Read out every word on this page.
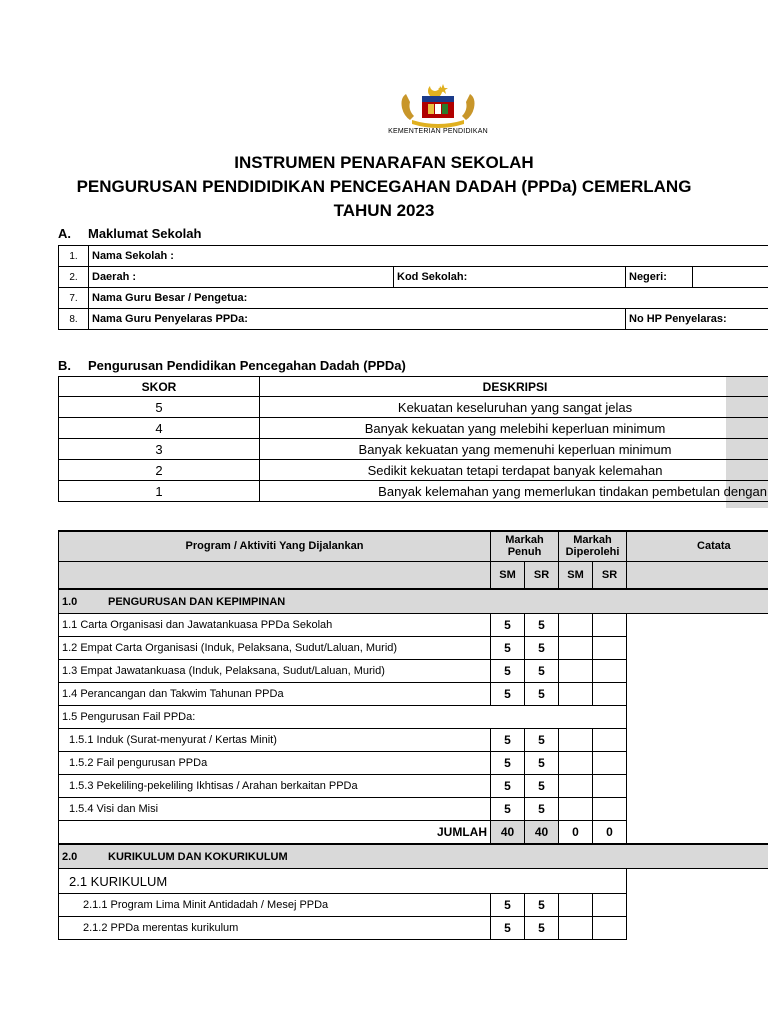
KEMENTERIAN PENDIDIKAN
INSTRUMEN PENARAFAN SEKOLAH
PENGURUSAN PENDIDIDIKAN PENCEGAHAN DADAH (PPDa) CEMERLANG
TAHUN 2023
A. Maklumat Sekolah
1.	Nama Sekolah :			
2.	Daerah :	Kod Sekolah:	Negeri:	
7.	Nama Guru Besar / Pengetua:			
8.	Nama Guru Penyelaras PPDa:		No HP Penyelaras:	
B. Pengurusan Pendidikan Pencegahan Dadah (PPDa)
SKOR	DESKRIPSI
5	Kekuatan keseluruhan yang sangat jelas
4	Banyak kekuatan yang melebihi keperluan minimum
3	Banyak kekuatan yang memenuhi keperluan minimum
2	Sedikit kekuatan tetapi terdapat banyak kelemahan
1	Banyak kelemahan yang memerlukan tindakan pembetulan dengan
Program / Aktiviti Yang Dijalankan	Markah Penuh		Markah Diperolehi		Catata
	SM	SR	SM	SR	
1.0 PENGURUSAN DAN KEPIMPINAN					
1.1 Carta Organisasi dan Jawatankuasa PPDa Sekolah	5	5			
1.2 Empat Carta Organisasi (Induk, Pelaksana, Sudut/Laluan, Murid)	5	5			
1.3 Empat Jawatankuasa (Induk, Pelaksana, Sudut/Laluan, Murid)	5	5			
1.4 Perancangan dan Takwim Tahunan PPDa	5	5			
1.5 Pengurusan Fail PPDa:					
1.5.1 Induk (Surat-menyurat / Kertas Minit)	5	5			
1.5.2 Fail pengurusan PPDa	5	5			
1.5.3 Pekeliling-pekeliling Ikhtisas / Arahan berkaitan PPDa	5	5			
1.5.4 Visi dan Misi	5	5			
JUMLAH	40	40	0	0	
2.0 KURIKULUM DAN KOKURIKULUM					
2.1 KURIKULUM					
2.1.1 Program Lima Minit Antidadah / Mesej PPDa	5	5			
2.1.2 PPDa merentas kurikulum	5	5			
